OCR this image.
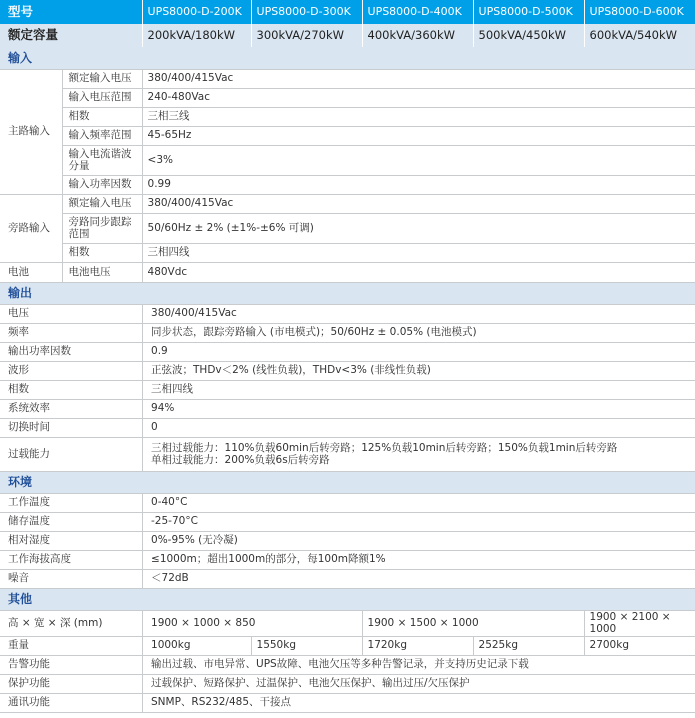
型号		UPS8000-D-200K		UPS8000-D-300K	UPS8000-D-400K	UPS8000-D-500K	UPS8000-D-600K
额定容量		200kVA/180kW		300kVA/270kW	400kVA/360kW	500kVA/450kW	600kVA/540kW
输入							
主路输入	额定输入电压	380/400/415Vac					
	输入电压范围	240-480Vac					
	相数	三相三线					
	输入频率范围	45-65Hz					
	输入电流谐波分量	<3%					
	输入功率因数	0.99					
旁路输入	额定输入电压	380/400/415Vac					
	旁路同步跟踪范围	50/60Hz ± 2% (±1%-±6% 可调)					
	相数	三相四线					
电池	电池电压	480Vdc					
输出							
电压			380/400/415Vac				
频率			同步状态，跟踪旁路输入 (市电模式)；50/60Hz ± 0.05% (电池模式)				
输出功率因数			0.9				
波形			正弦波；THDv＜2% (线性负载)，THDv<3% (非线性负载)				
相数			三相四线				
系统效率			94%				
切换时间			0				
过载能力			三相过载能力：110%负载60min后转旁路；125%负载10min后转旁路；150%负载1min后转旁路
单相过载能力：200%负载6s后转旁路				

环境							
工作温度			0-40°C				
储存温度			-25-70°C				
相对湿度			0%-95% (无冷凝)				
工作海拔高度			≤1000m；超出1000m的部分，每100m降额1%				
噪音			＜72dB				
其他							
高 × 宽 × 深 (mm)			1900 × 1000 × 850		1900 × 1500 × 1000		1900 × 2100 × 1000
重量			1000kg	1550kg	1720kg	2525kg	2700kg
告警功能			输出过载、市电异常、UPS故障、电池欠压等多种告警记录，并支持历史记录下载				
保护功能			过载保护、短路保护、过温保护、电池欠压保护、输出过压/欠压保护				
通讯功能			SNMP、RS232/485、干接点				
